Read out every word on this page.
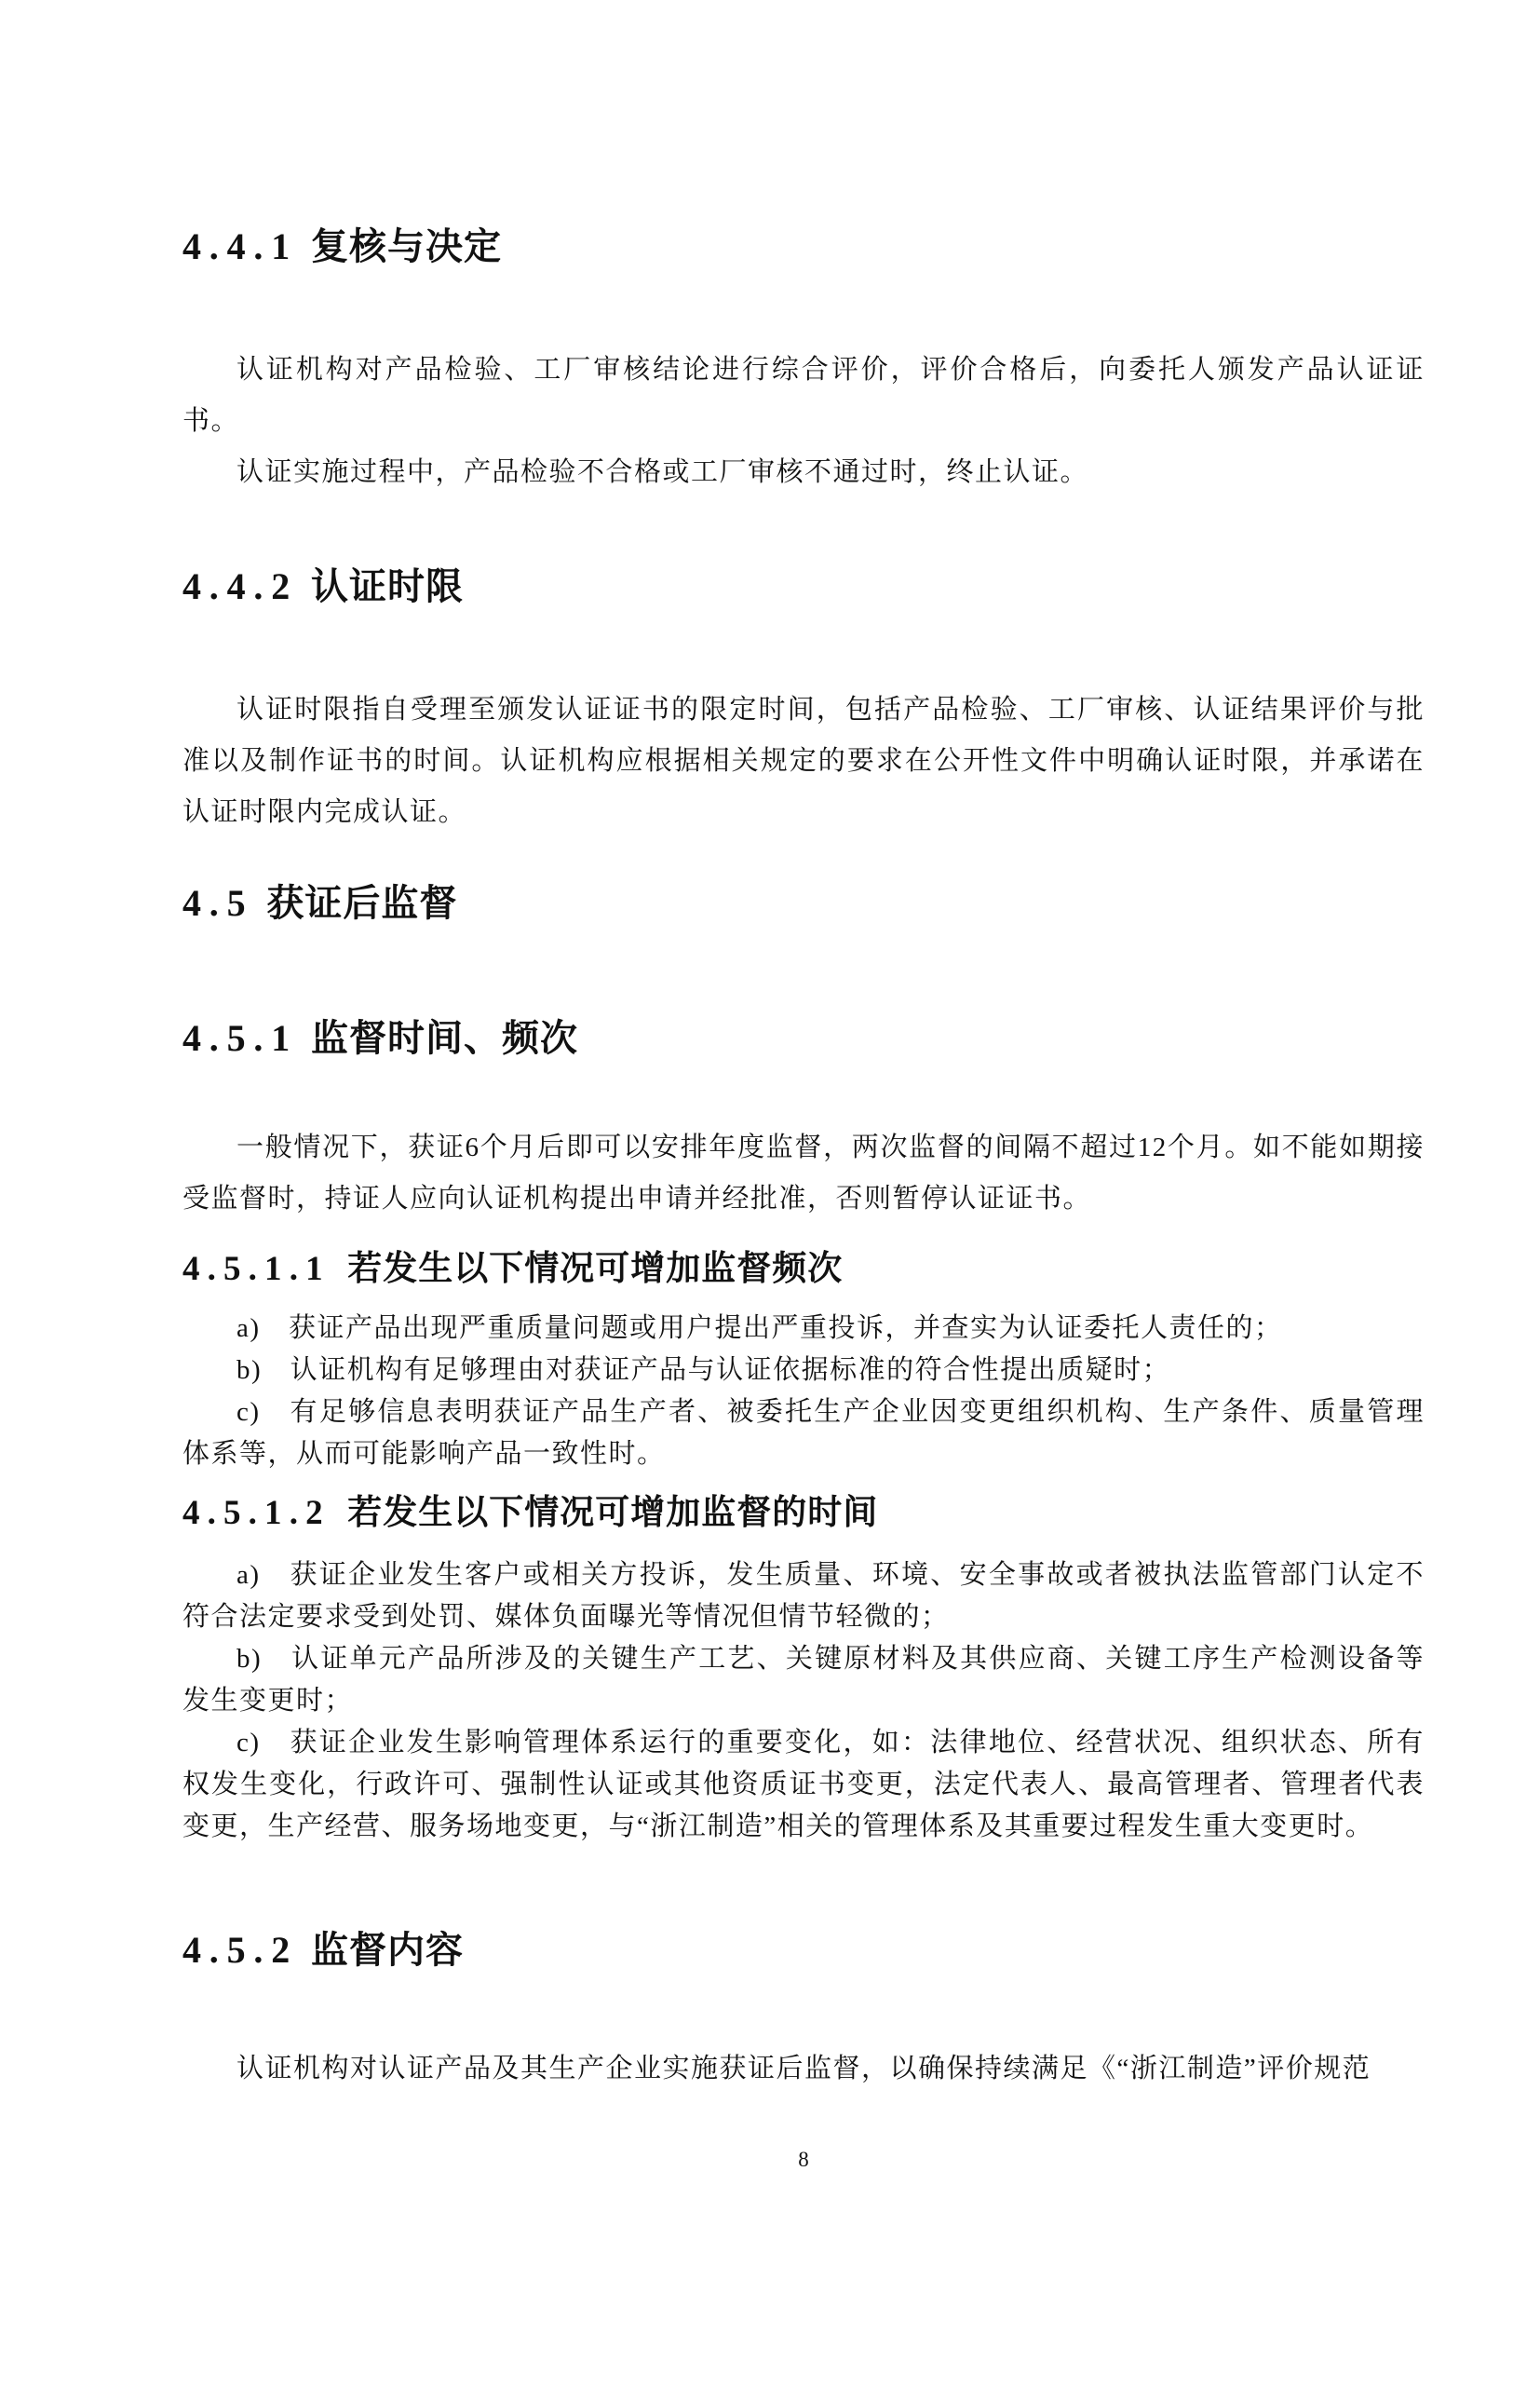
4.4.1 复核与决定

认证机构对产品检验、工厂审核结论进行综合评价，评价合格后，向委托人颁发产品认证证书。

认证实施过程中，产品检验不合格或工厂审核不通过时，终止认证。

4.4.2 认证时限

认证时限指自受理至颁发认证证书的限定时间，包括产品检验、工厂审核、认证结果评价与批准以及制作证书的时间。认证机构应根据相关规定的要求在公开性文件中明确认证时限，并承诺在认证时限内完成认证。

4.5 获证后监督
4.5.1 监督时间、频次

一般情况下，获证6个月后即可以安排年度监督，两次监督的间隔不超过12个月。如不能如期接受监督时，持证人应向认证机构提出申请并经批准，否则暂停认证证书。

4.5.1.1 若发生以下情况可增加监督频次

a)　获证产品出现严重质量问题或用户提出严重投诉，并查实为认证委托人责任的；

b)　认证机构有足够理由对获证产品与认证依据标准的符合性提出质疑时；

c)　有足够信息表明获证产品生产者、被委托生产企业因变更组织机构、生产条件、质量管理体系等，从而可能影响产品一致性时。

4.5.1.2 若发生以下情况可增加监督的时间

a)　获证企业发生客户或相关方投诉，发生质量、环境、安全事故或者被执法监管部门认定不符合法定要求受到处罚、媒体负面曝光等情况但情节轻微的；

b)　认证单元产品所涉及的关键生产工艺、关键原材料及其供应商、关键工序生产检测设备等发生变更时；

c)　获证企业发生影响管理体系运行的重要变化，如：法律地位、经营状况、组织状态、所有权发生变化，行政许可、强制性认证或其他资质证书变更，法定代表人、最高管理者、管理者代表变更，生产经营、服务场地变更，与“浙江制造”相关的管理体系及其重要过程发生重大变更时。

4.5.2 监督内容

认证机构对认证产品及其生产企业实施获证后监督，以确保持续满足《“浙江制造”评价规范

8
